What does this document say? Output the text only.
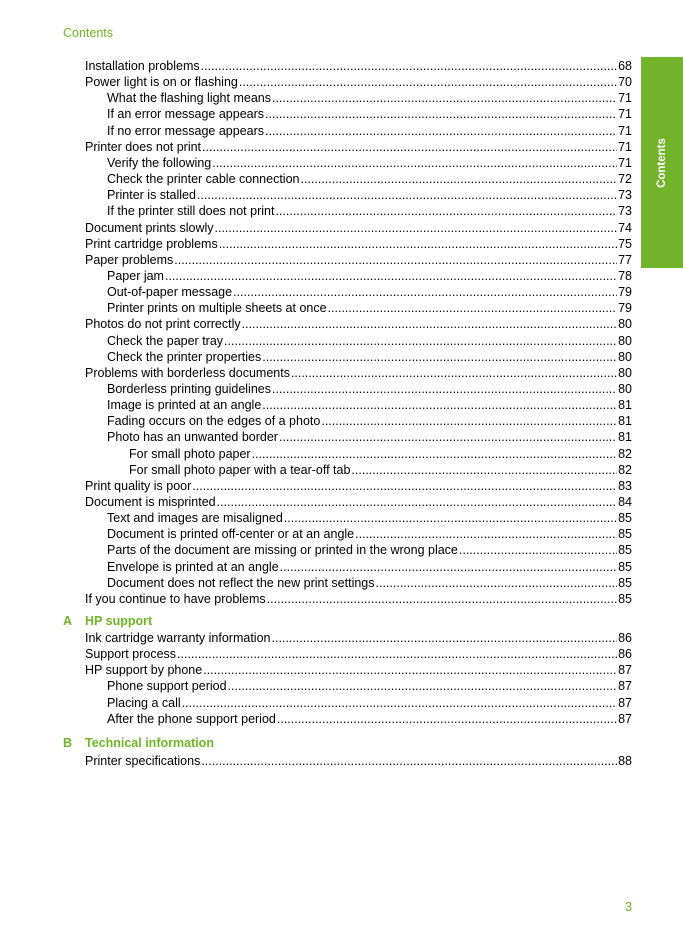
Contents
Contents
3
Installation problems .....	68
Power light is on or flashing .....	70
What the flashing light means .....	71
If an error message appears .....	71
If no error message appears .....	71
Printer does not print .....	71
Verify the following .....	71
Check the printer cable connection .....	72
Printer is stalled .....	73
If the printer still does not print .....	73
Document prints slowly .....	74
Print cartridge problems .....	75
Paper problems .....	77
Paper jam .....	78
Out-of-paper message .....	79
Printer prints on multiple sheets at once .....	79
Photos do not print correctly .....	80
Check the paper tray .....	80
Check the printer properties .....	80
Problems with borderless documents .....	80
Borderless printing guidelines .....	80
Image is printed at an angle .....	81
Fading occurs on the edges of a photo .....	81
Photo has an unwanted border .....	81
For small photo paper .....	82
For small photo paper with a tear-off tab .....	82
Print quality is poor .....	83
Document is misprinted .....	84
Text and images are misaligned .....	85
Document is printed off-center or at an angle .....	85
Parts of the document are missing or printed in the wrong place .....	85
Envelope is printed at an angle .....	85
Document does not reflect the new print settings .....	85
If you continue to have problems .....	85
A HP support
Ink cartridge warranty information .....	86
Support process .....	86
HP support by phone .....	87
Phone support period .....	87
Placing a call .....	87
After the phone support period .....	87
B Technical information
Printer specifications .....	88
